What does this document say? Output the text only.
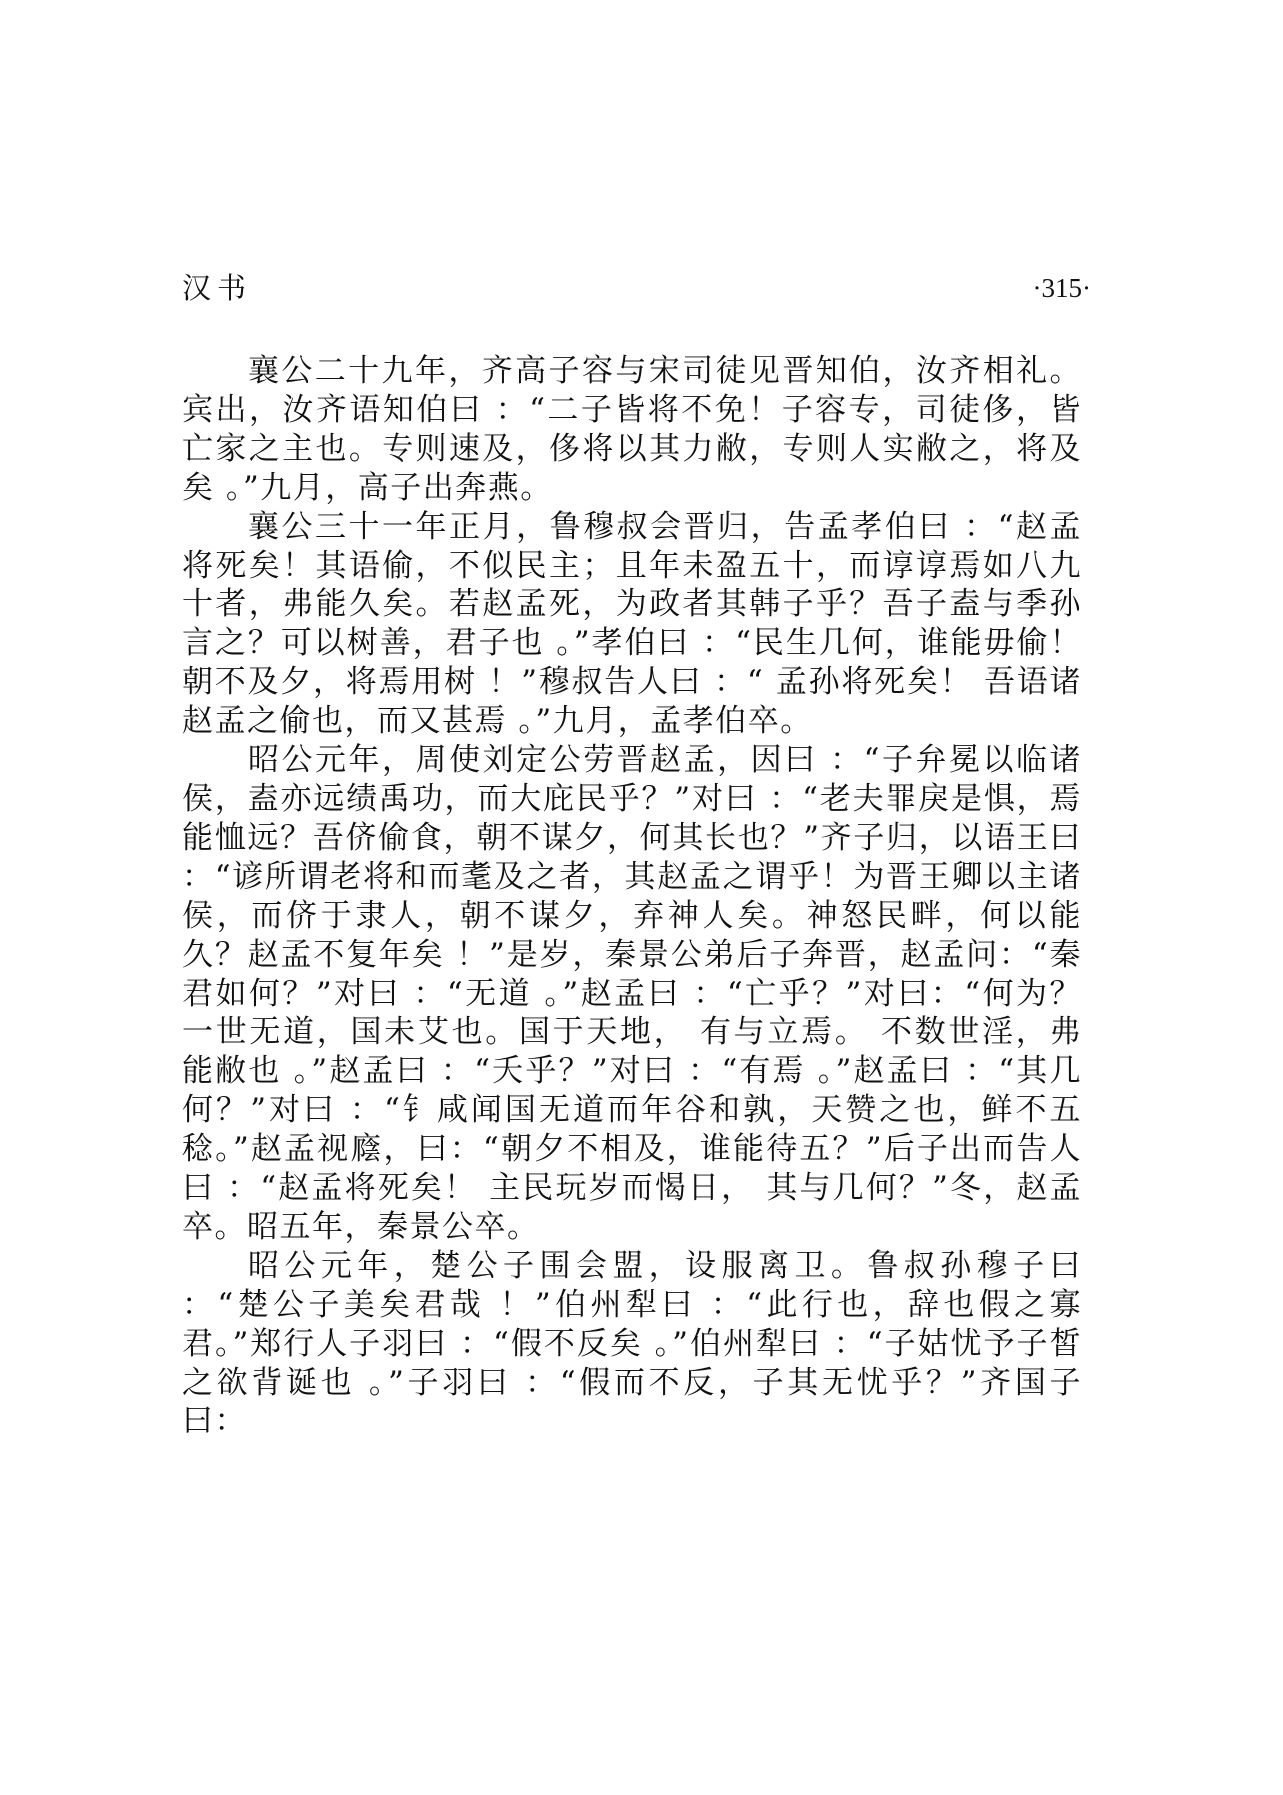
汉书	·315·

襄公二十九年，齐高子容与宋司徒见晋知伯，汝齐相礼。宾出，汝齐语知伯曰 ：“二子皆将不免！子容专，司徒侈，皆亡家之主也。专则速及，侈将以其力敝，专则人实敝之，将及矣 。”九月，高子出奔燕。

襄公三十一年正月，鲁穆叔会晋归，告孟孝伯曰 ：“赵孟将死矣！其语偷，不似民主；且年未盈五十，而谆谆焉如八九十者，弗能久矣。若赵孟死，为政者其韩子乎？吾子盍与季孙言之？可以树善，君子也 。”孝伯曰 ：“民生几何，谁能毋偷！朝不及夕，将焉用树 ！”穆叔告人曰 ：“ 孟孙将死矣！ 吾语诸赵孟之偷也，而又甚焉 。”九月，孟孝伯卒。

昭公元年，周使刘定公劳晋赵孟，因曰 ：“子弁冕以临诸侯，盍亦远绩禹功，而大庇民乎？”对曰 ：“老夫罪戾是惧，焉能恤远？吾侪偷食，朝不谋夕，何其长也？”齐子归，以语王曰 ：“谚所谓老将和而耄及之者，其赵孟之谓乎！为晋王卿以主诸侯，而侪于隶人，朝不谋夕，弃神人矣。神怒民畔，何以能久？赵孟不复年矣 ！”是岁，秦景公弟后子奔晋，赵孟问：“秦君如何？”对曰 ：“无道 。”赵孟曰 ：“亡乎？”对曰：“何为？一世无道，国未艾也。国于天地， 有与立焉。 不数世淫，弗能敝也 。”赵孟曰 ：“夭乎？”对曰 ：“有焉 。”赵孟曰 ：“其几何？”对曰 ：“钅咸闻国无道而年谷和孰，天赞之也，鲜不五稔。”赵孟视廕，曰：“朝夕不相及，谁能待五？”后子出而告人曰 ：“赵孟将死矣！ 主民玩岁而愒日， 其与几何？”冬，赵孟卒。昭五年，秦景公卒。

昭公元年，楚公子围会盟，设服离卫。鲁叔孙穆子曰 ：“楚公子美矣君哉 ！”伯州犁曰 ：“此行也，辞也假之寡君。”郑行人子羽曰 ：“假不反矣 。”伯州犁曰 ：“子姑忧予子皙之欲背诞也 。”子羽曰 ：“假而不反，子其无忧乎？”齐国子曰：
